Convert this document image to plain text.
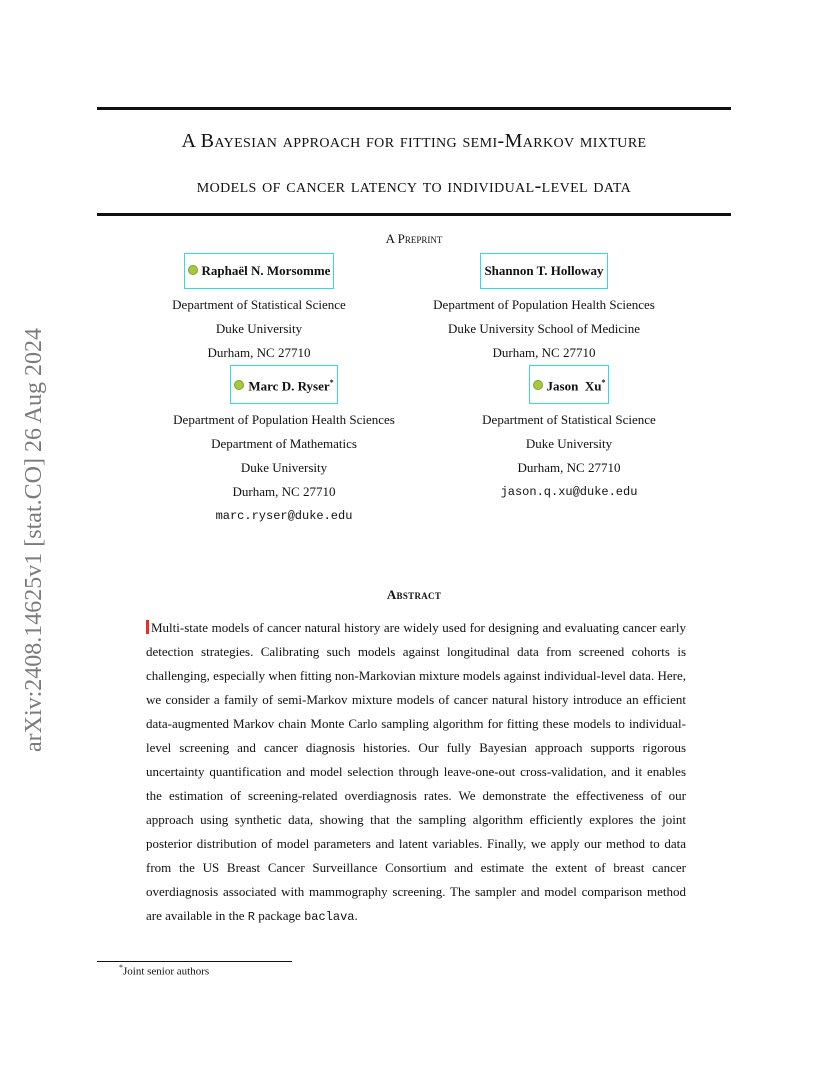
arXiv:2408.14625v1 [stat.CO] 26 Aug 2024
A Bayesian approach for fitting semi-Markov mixture
models of cancer latency to individual-level data
A Preprint
Raphaël N. Morsomme
Department of Statistical Science
Duke University
Durham, NC 27710
Shannon T. Holloway
Department of Population Health Sciences
Duke University School of Medicine
Durham, NC 27710
Marc D. Ryser*
Department of Population Health Sciences
Department of Mathematics
Duke University
Durham, NC 27710
marc.ryser@duke.edu
Jason  Xu*
Department of Statistical Science
Duke University
Durham, NC 27710
jason.q.xu@duke.edu
Abstract
Multi-state models of cancer natural history are widely used for designing and evaluating cancer early detection strategies. Calibrating such models against longitudinal data from screened cohorts is challenging, especially when fitting non-Markovian mixture models against individual-level data. Here, we consider a family of semi-Markov mixture models of cancer natural history introduce an efficient data-augmented Markov chain Monte Carlo sampling algorithm for fitting these models to individual-level screening and cancer diagnosis histories. Our fully Bayesian approach supports rigorous uncertainty quantification and model selection through leave-one-out cross-validation, and it enables the estimation of screening-related overdiagnosis rates. We demonstrate the effectiveness of our approach using synthetic data, showing that the sampling algorithm efficiently explores the joint posterior distribution of model parameters and latent variables. Finally, we apply our method to data from the US Breast Cancer Surveillance Consortium and estimate the extent of breast cancer overdiagnosis associated with mammography screening. The sampler and model comparison method are available in the R package baclava.
*Joint senior authors
